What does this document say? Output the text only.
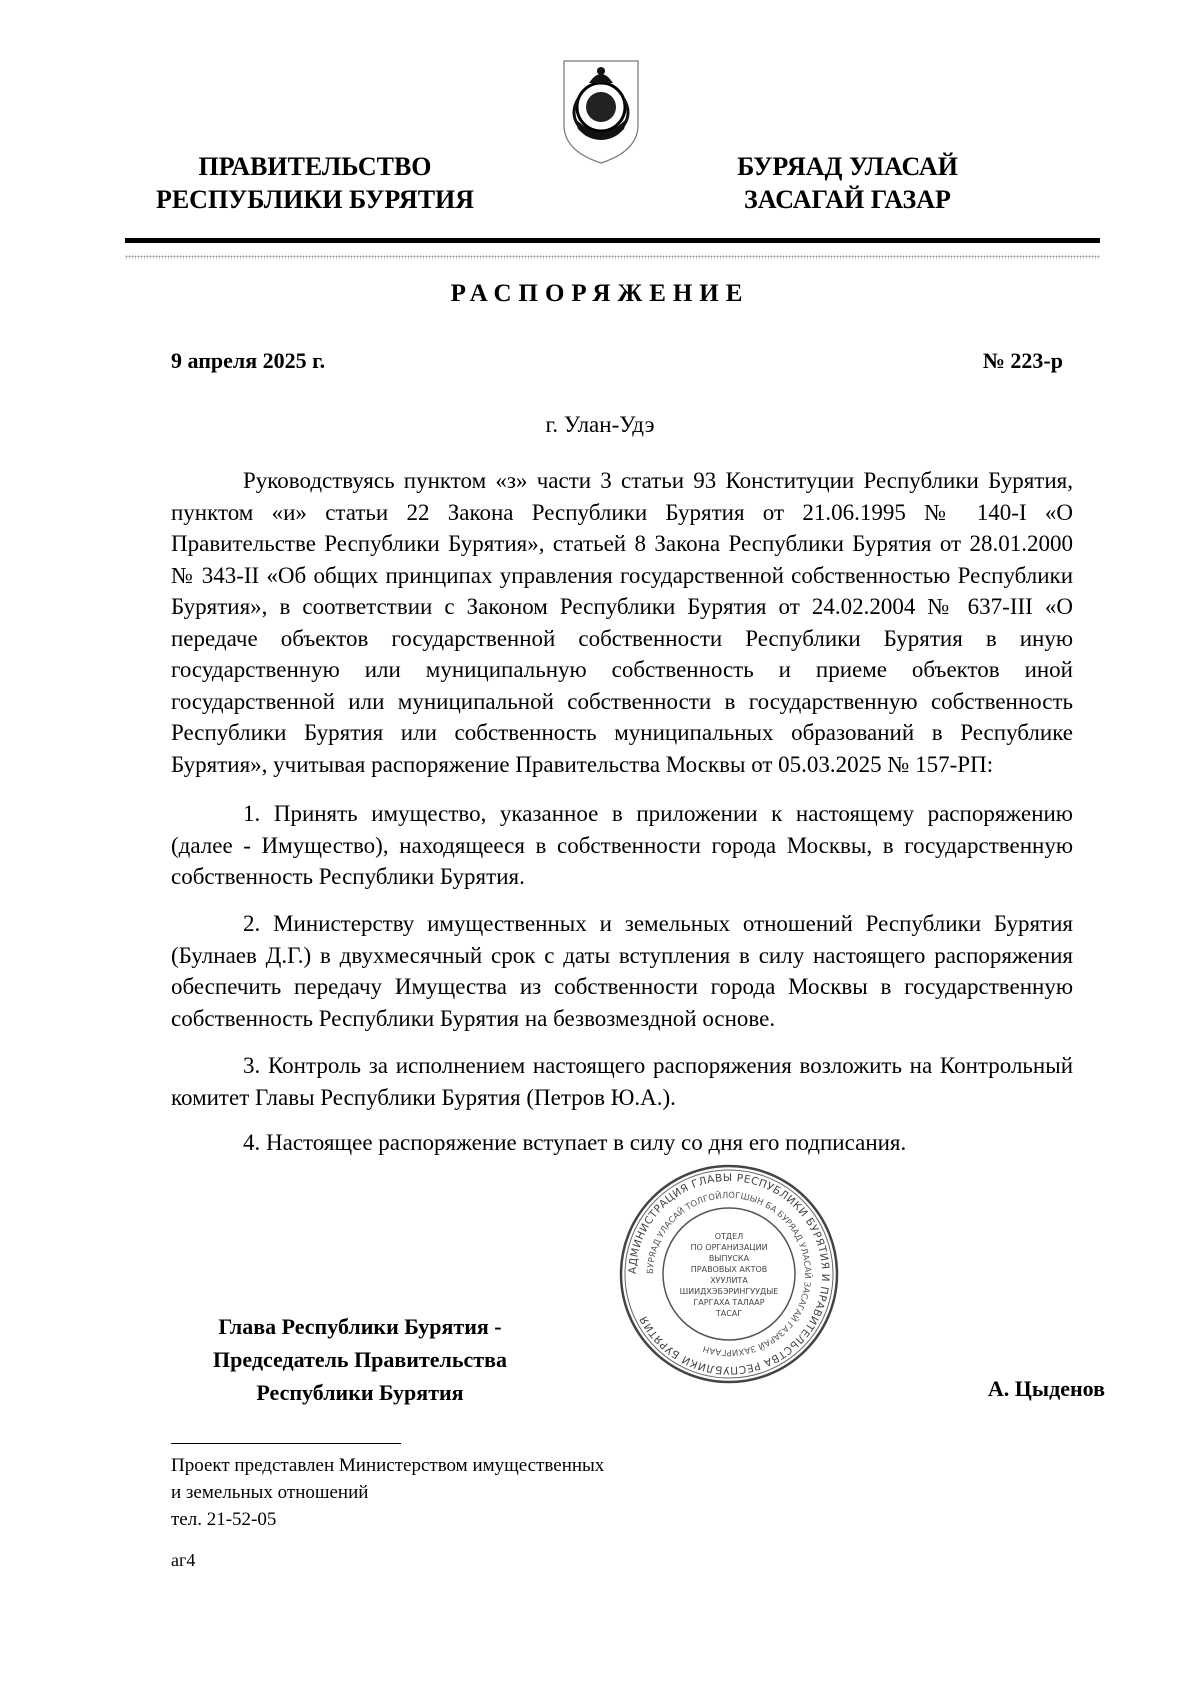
ПРАВИТЕЛЬСТВО
РЕСПУБЛИКИ БУРЯТИЯ
БУРЯАД УЛАСАЙ
ЗАСАГАЙ ГАЗАР
РАСПОРЯЖЕНИЕ
9 апреля 2025 г.	№ 223-р
г. Улан-Удэ

Руководствуясь пунктом «з» части 3 статьи 93 Конституции Республики Бурятия, пунктом «и» статьи 22 Закона Республики Бурятия от 21.06.1995 № 140-I «О Правительстве Республики Бурятия», статьей 8 Закона Республики Бурятия от 28.01.2000 № 343-II «Об общих принципах управления государственной собственностью Республики Бурятия», в соответствии с Законом Республики Бурятия от 24.02.2004 № 637-III «О передаче объектов государственной собственности Республики Бурятия в иную государственную или муниципальную собственность и приеме объектов иной государственной или муниципальной собственности в государственную собственность Республики Бурятия или собственность муниципальных образований в Республике Бурятия», учитывая распоряжение Правительства Москвы от 05.03.2025 № 157-РП:

1. Принять имущество, указанное в приложении к настоящему распоряжению (далее - Имущество), находящееся в собственности города Москвы, в государственную собственность Республики Бурятия.

2. Министерству имущественных и земельных отношений Республики Бурятия (Булнаев Д.Г.) в двухмесячный срок с даты вступления в силу настоящего распоряжения обеспечить передачу Имущества из собственности города Москвы в государственную собственность Республики Бурятия на безвозмездной основе.

3. Контроль за исполнением настоящего распоряжения возложить на Контрольный комитет Главы Республики Бурятия (Петров Ю.А.).

4. Настоящее распоряжение вступает в силу со дня его подписания.

Глава Республики Бурятия -
Председатель Правительства
Республики Бурятия
АДМИНИСТРАЦИЯ ГЛАВЫ РЕСПУБЛИКИ БУРЯТИЯ И ПРАВИТЕЛЬСТВА РЕСПУБЛИКИ БУРЯТИЯ
БУРЯАД УЛАСАЙ ТОЛГОЙЛОГШЫН БА БУРЯАД УЛАСАЙ ЗАСАГАЙ ГАЗАРАЙ ЗАХИРГААН
ОТДЕЛ
ПО ОРГАНИЗАЦИИ
ВЫПУСКА
ПРАВОВЫХ АКТОВ
ХУУЛИТА
ШИИДХЭБЭРИНГУУДЫЕ
ГАРГАХА ТАЛААР
ТАСАГ
А. Цыденов
Проект представлен Министерством имущественных
и земельных отношений
тел. 21-52-05
аг4
